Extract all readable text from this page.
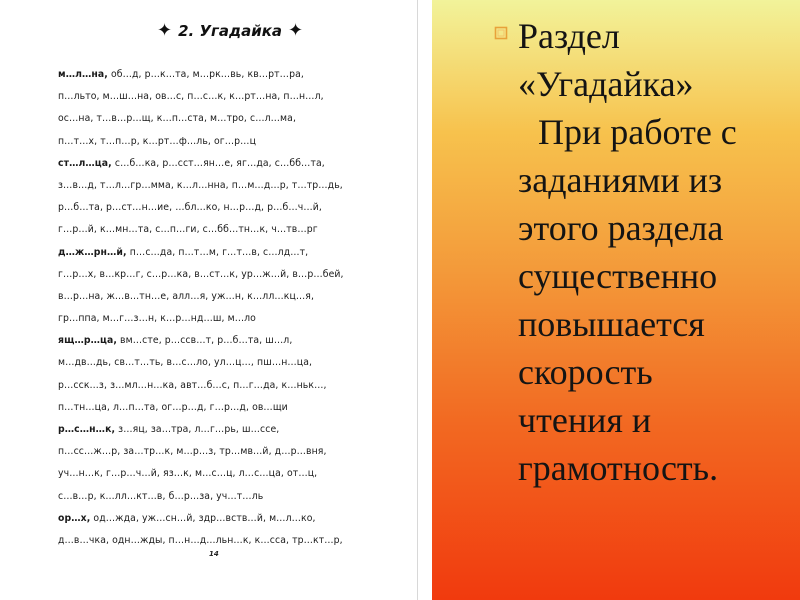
✦ 2. Угадайка ✦
м…л…на, об…д, р…к…та, м…рк…вь, кв…рт…ра,
п…льто, м…ш…на, ов…с, п…с…к, к…рт…на, п…н…л,
ос…на, т…в…р…щ, к…п…ста, м…тро, с…л…ма,
п…т…х, т…п…р, к…рт…ф…ль, ог…р…ц
ст…л…ца, с…б…ка, р…сст…ян…е, яг…да, с…бб…та,
з…в…д, т…л…гр…мма, к…л…нна, п…м…д…р, т…тр…дь,
р…б…та, р…ст…н…ие, …бл…ко, н…р…д, р…б…ч…й,
г…р…й, к…мн…та, с…п…ги, с…бб…тн…к, ч…тв…рг
д…ж…рн…й, п…с…да, п…т…м, г…т…в, с…лд…т,
г…р…х, в…кр…г, с…р…ка, в…ст…к, ур…ж…й, в…р…бей,
в…р…на, ж…в…тн…е, алл…я, уж…н, к…лл…кц…я,
гр…ппа, м…г…з…н, к…р…нд…ш, м…ло
ящ…р…ца, вм…сте, р…ссв…т, р…б…та, ш…л,
м…дв…дь, св…т…ть, в…с…ло, ул…ц…, пш…н…ца,
р…сск…з, з…мл…н…ка, авт…б…с, п…г…да, к…ньк…,
п…тн…ца, л…п…та, ог…р…д, г…р…д, ов…щи
р…с…н…к, з…яц, за…тра, л…г…рь, ш…ссе,
п…сс…ж…р, за…тр…к, м…р…з, тр…мв…й, д…р…вня,
уч…н…к, г…р…ч…й, яз…к, м…с…ц, л…с…ца, от…ц,
с…в…р, к…лл…кт…в, б…р…за, уч…т…ль
ор…х, од…жда, уж…сн…й, здр…вств…й, м…л…ко,
д…в…чка, одн…жды, п…н…д…льн…к, к…сса, тр…кт…р,
14
Раздел
«Угадайка»
При работе с
заданиями из
этого раздела
существенно
повышается
скорость
чтения и
грамотность.
